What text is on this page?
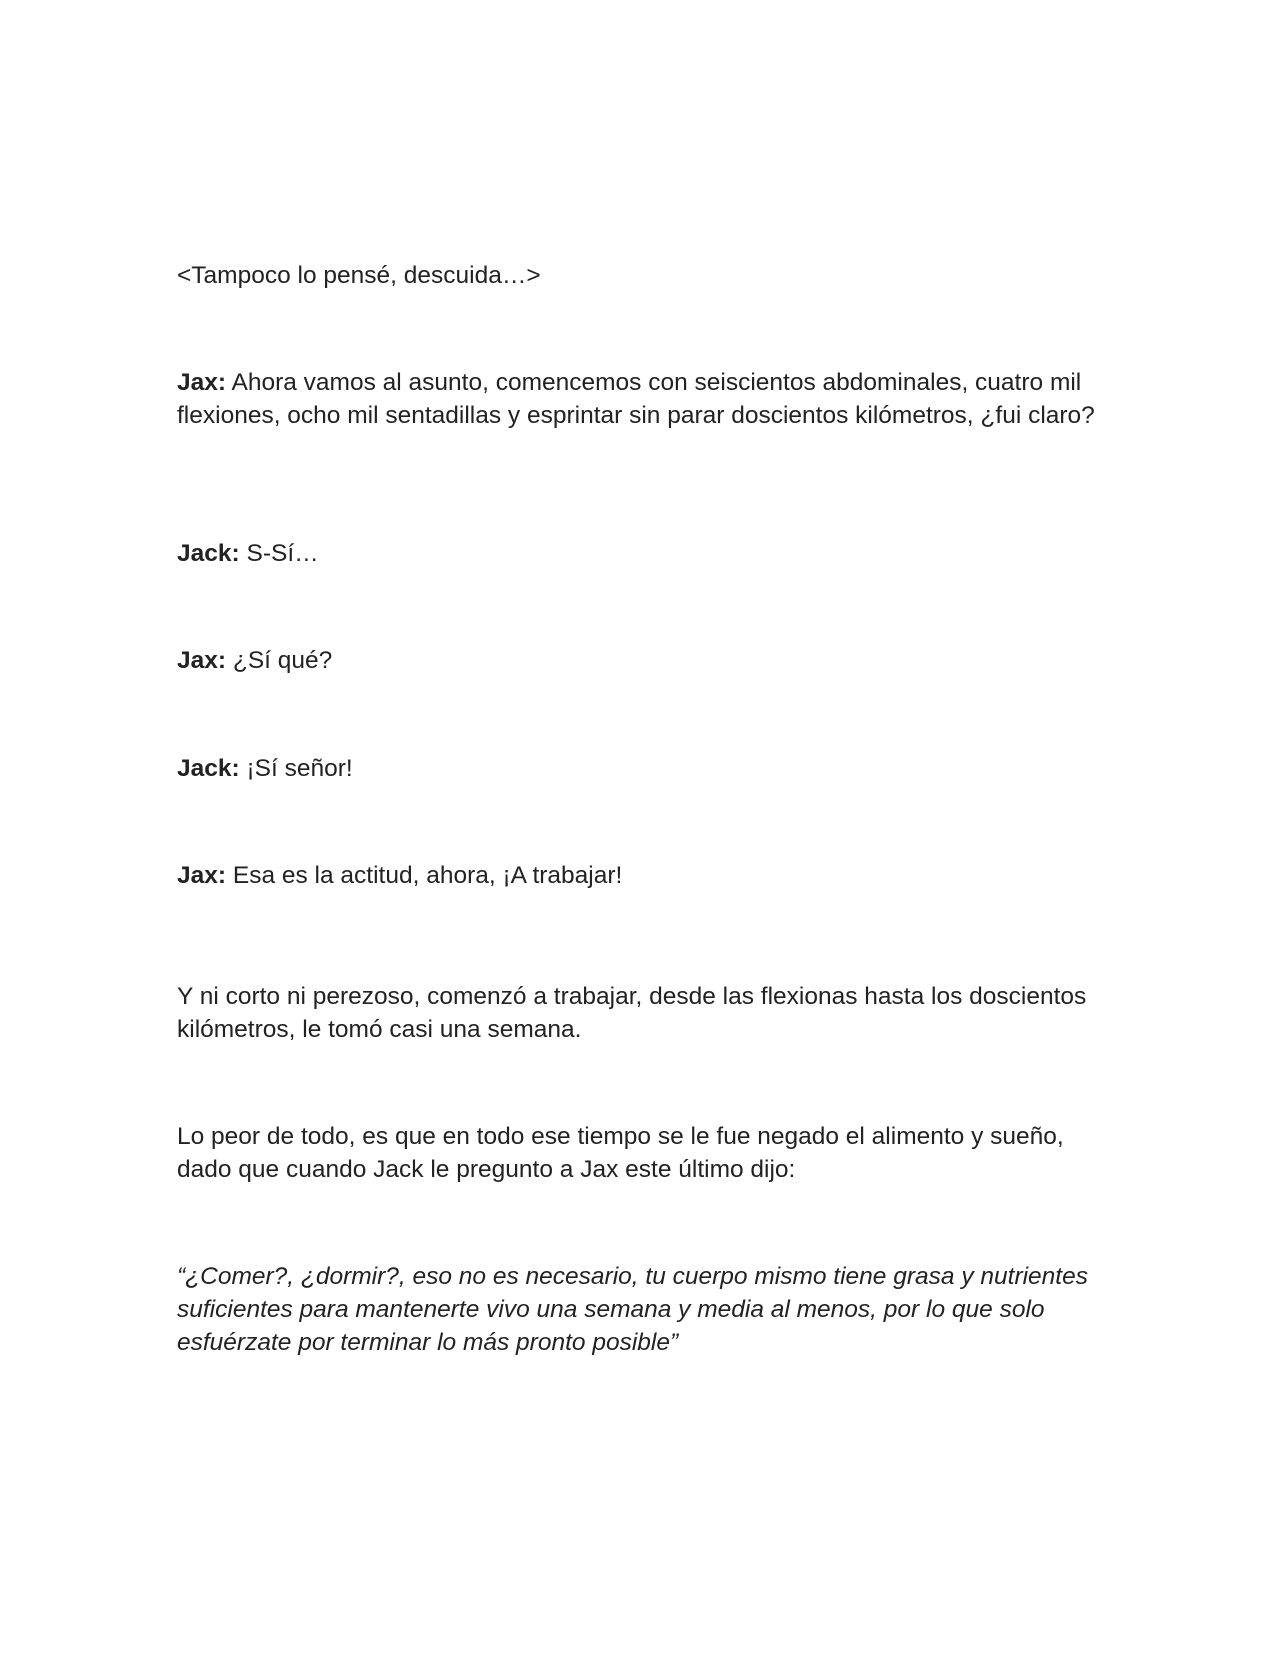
<Tampoco lo pensé, descuida…>

Jax: Ahora vamos al asunto, comencemos con seiscientos abdominales, cuatro mil flexiones, ocho mil sentadillas y esprintar sin parar doscientos kilómetros, ¿fui claro?

Jack: S-Sí…

Jax: ¿Sí qué?

Jack: ¡Sí señor!

Jax: Esa es la actitud, ahora, ¡A trabajar!

Y ni corto ni perezoso, comenzó a trabajar, desde las flexionas hasta los doscientos kilómetros, le tomó casi una semana.

Lo peor de todo, es que en todo ese tiempo se le fue negado el alimento y sueño, dado que cuando Jack le pregunto a Jax este último dijo:

“¿Comer?, ¿dormir?, eso no es necesario, tu cuerpo mismo tiene grasa y nutrientes suficientes para mantenerte vivo una semana y media al menos, por lo que solo esfuérzate por terminar lo más pronto posible”
